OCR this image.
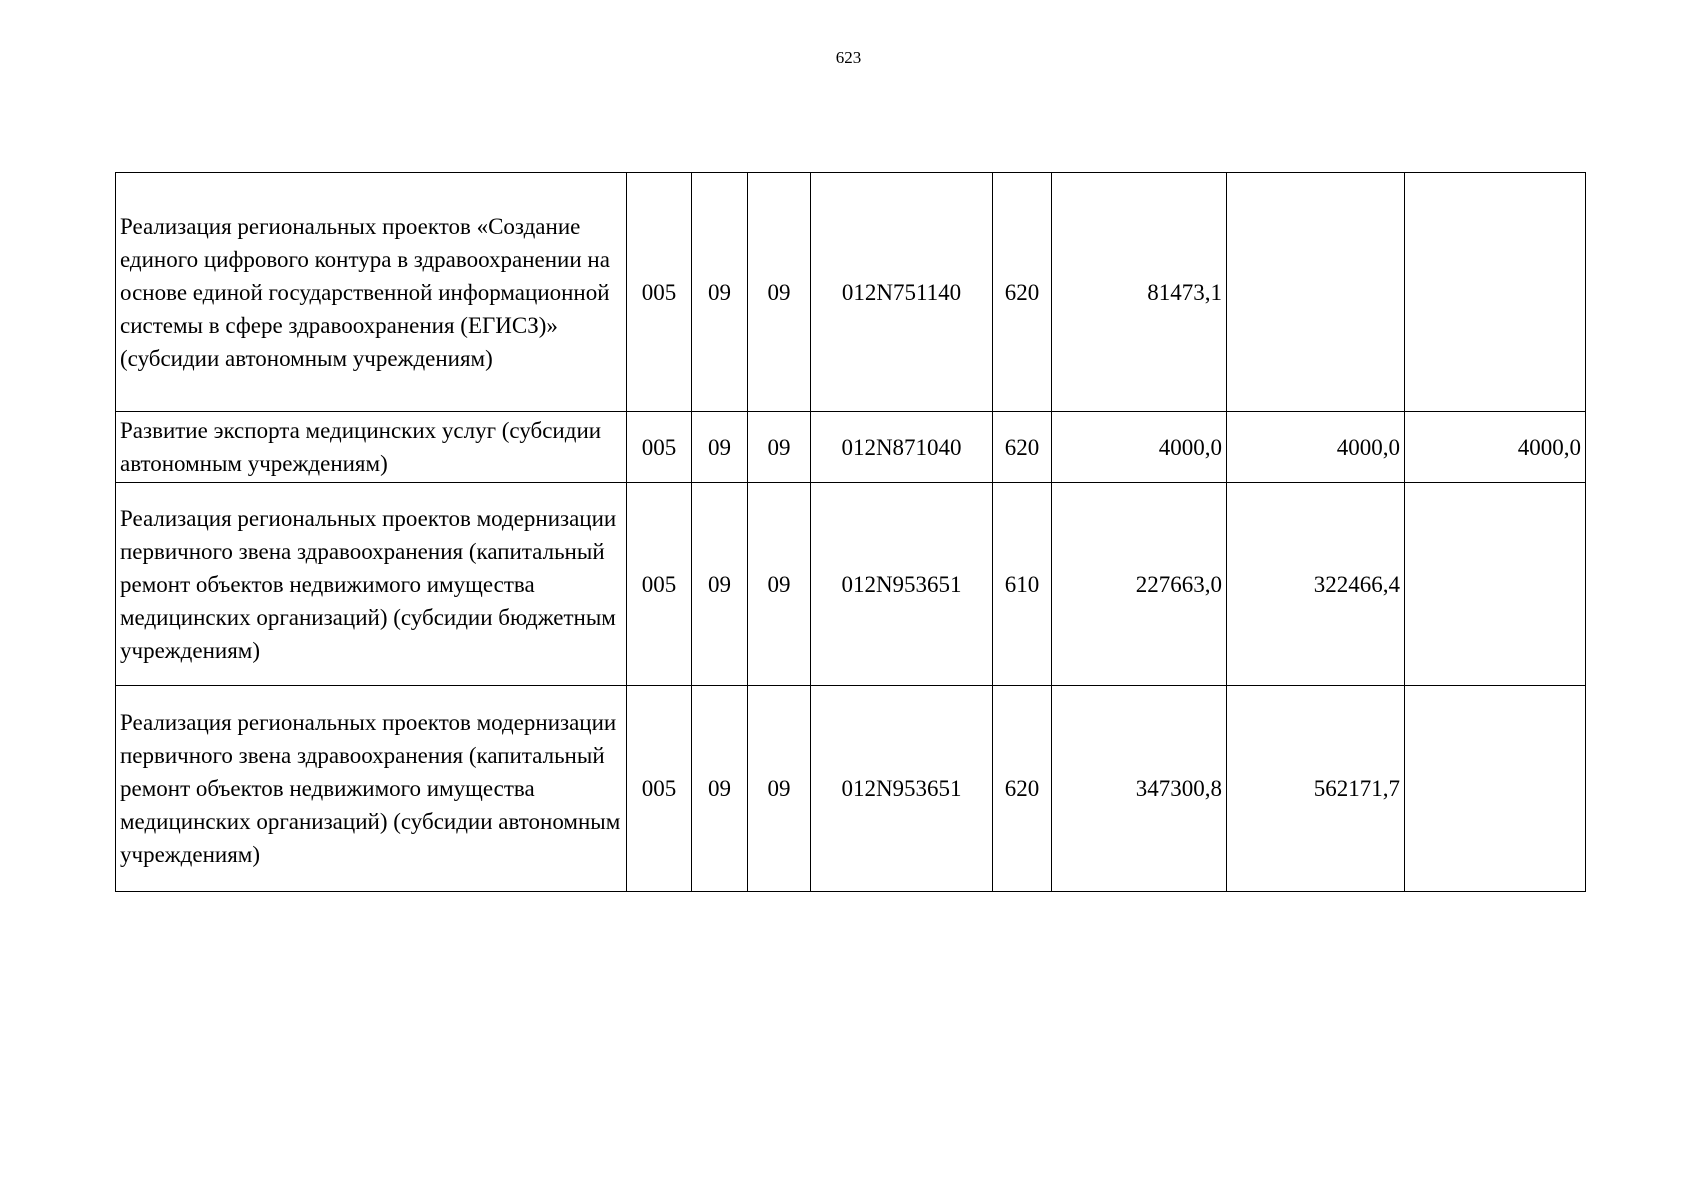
623
Реализация региональных проектов «Создание единого цифрового контура в здравоохранении на основе единой государственной информационной системы в сфере здравоохранения (ЕГИСЗ)» (субсидии автономным учреждениям)	005	09	09	012N751140	620	81473,1		
Развитие экспорта медицинских услуг (субсидии автономным учреждениям)	005	09	09	012N871040	620	4000,0	4000,0	4000,0
Реализация региональных проектов модернизации первичного звена здравоохранения (капитальный ремонт объектов недвижимого имущества медицинских организаций) (субсидии бюджетным учреждениям)	005	09	09	012N953651	610	227663,0	322466,4	
Реализация региональных проектов модернизации первичного звена здравоохранения (капитальный ремонт объектов недвижимого имущества медицинских организаций) (субсидии автономным учреждениям)	005	09	09	012N953651	620	347300,8	562171,7	
